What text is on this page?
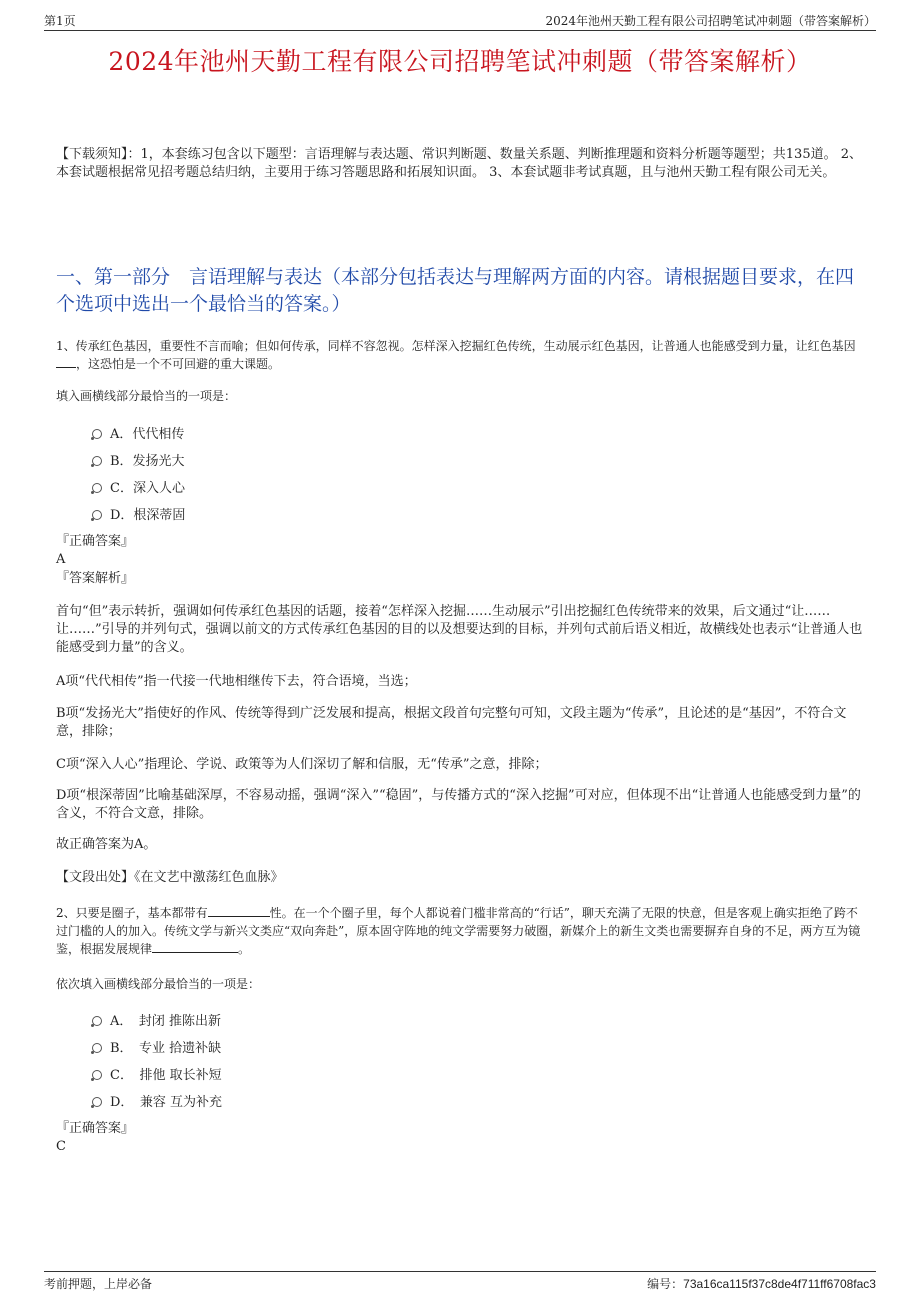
第1页	2024年池州天勤工程有限公司招聘笔试冲刺题（带答案解析）
2024年池州天勤工程有限公司招聘笔试冲刺题（带答案解析）
【下载须知】：1，本套练习包含以下题型：言语理解与表达题、常识判断题、数量关系题、判断推理题和资料分析题等题型；共135道。 2、本套试题根据常见招考题总结归纳，主要用于练习答题思路和拓展知识面。 3、本套试题非考试真题，且与池州天勤工程有限公司无关。
一、第一部分　言语理解与表达（本部分包括表达与理解两方面的内容。请根据题目要求，在四个选项中选出一个最恰当的答案。）
1、传承红色基因，重要性不言而喻；但如何传承，同样不容忽视。怎样深入挖掘红色传统，生动展示红色基因，让普通人也能感受到力量，让红色基因，这恐怕是一个不可回避的重大课题。
填入画横线部分最恰当的一项是：
A．代代相传
B．发扬光大
C．深入人心
D．根深蒂固
『正确答案』
A
『答案解析』
首句“但”表示转折，强调如何传承红色基因的话题，接着“怎样深入挖掘……生动展示”引出挖掘红色传统带来的效果，后文通过“让……让……”引导的并列句式，强调以前文的方式传承红色基因的目的以及想要达到的目标，并列句式前后语义相近，故横线处也表示“让普通人也能感受到力量”的含义。
A项“代代相传”指一代接一代地相继传下去，符合语境，当选；
B项“发扬光大”指使好的作风、传统等得到广泛发展和提高，根据文段首句完整句可知，文段主题为“传承”，且论述的是“基因”，不符合文意，排除；
C项“深入人心”指理论、学说、政策等为人们深切了解和信服，无“传承”之意，排除；
D项“根深蒂固”比喻基础深厚，不容易动摇，强调“深入”“稳固”，与传播方式的“深入挖掘”可对应，但体现不出“让普通人也能感受到力量”的含义，不符合文意，排除。
故正确答案为A。
【文段出处】《在文艺中激荡红色血脉》
2、只要是圈子，基本都带有	性。在一个个圈子里，每个人都说着门槛非常高的“行话”，聊天充满了无限的快意，但是客观上确实拒绝了跨不过门槛的人的加入。传统文学与新兴文类应“双向奔赴”，原本固守阵地的纯文学需要努力破圈，新媒介上的新生文类也需要摒弃自身的不足，两方互为镜鉴，根据发展规律	。
依次填入画横线部分最恰当的一项是：
A．　封闭 推陈出新
B．　专业 拾遗补缺
C．　排他 取长补短
D．　兼容 互为补充
『正确答案』
C
考前押题，上岸必备	编号：73a16ca115f37c8de4f711ff6708fac3
